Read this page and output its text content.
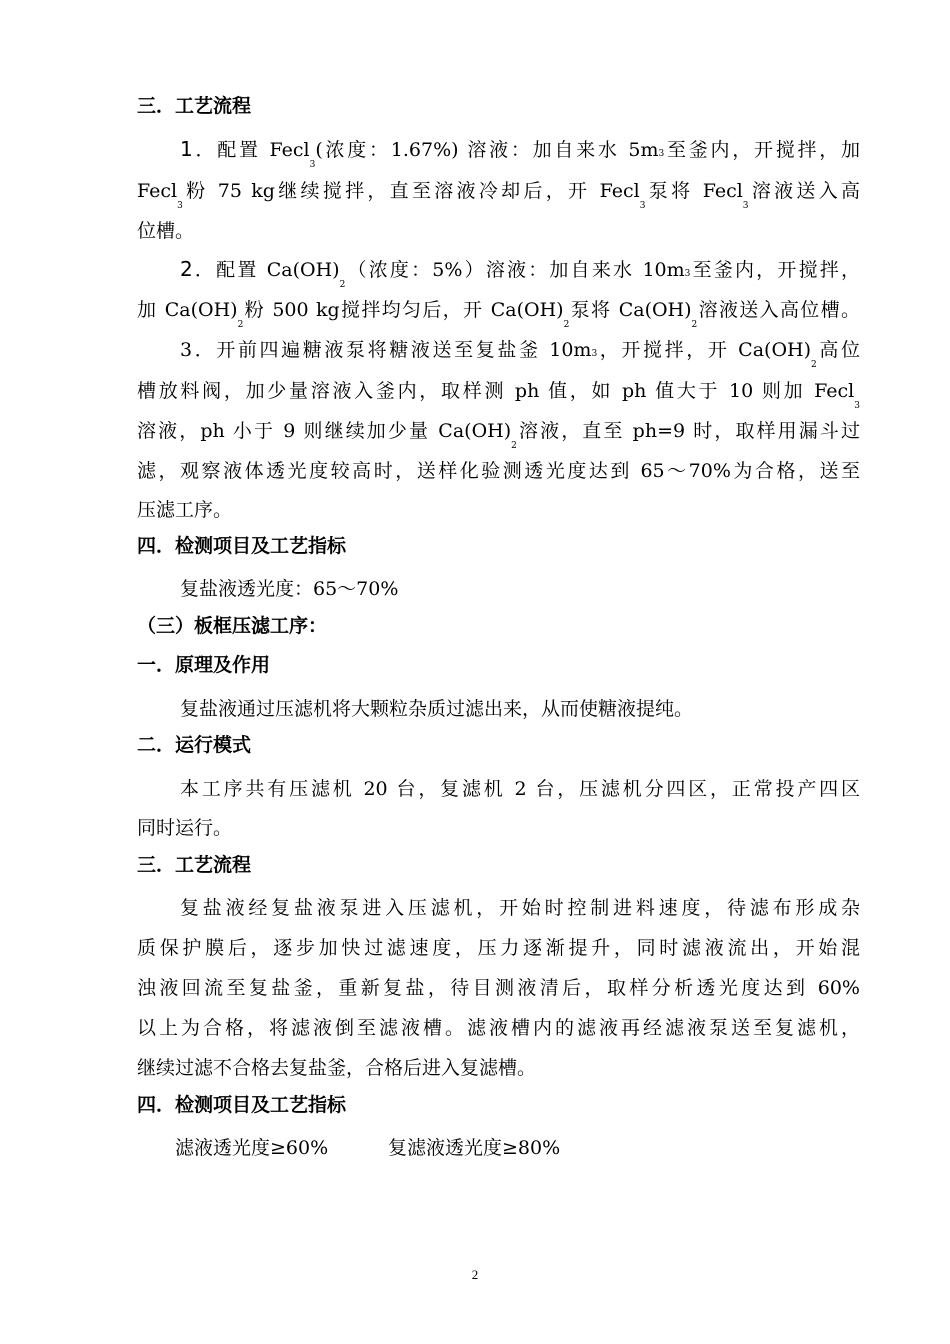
三．工艺流程
1．配置 Fecl$_3$(浓度：1.67%) 溶液：加自来水 5m3至釜内，开搅拌，加
Fecl$_3$粉 75 kg继续搅拌，直至溶液冷却后，开 Fecl$_3$泵将 Fecl$_3$溶液送入高
位槽。
2．配置 $Ca(OH)_2$（浓度：5%）溶液：加自来水 10m3至釜内，开搅拌，
加 $Ca(OH)_2$粉 500 kg搅拌均匀后，开 $Ca(OH)_2$泵将 $Ca(OH)_2$溶液送入高位槽。
3．开前四遍糖液泵将糖液送至复盐釜 10m3，开搅拌，开 $Ca(OH)_2$高位
槽放料阀，加少量溶液入釜内，取样测 ph 值，如 ph 值大于 10 则加 Fecl$_3$
溶液，ph 小于 9 则继续加少量 $Ca(OH)_2$溶液，直至 ph=9 时，取样用漏斗过
滤，观察液体透光度较高时，送样化验测透光度达到 65～70%为合格，送至
压滤工序。
四．检测项目及工艺指标
复盐液透光度：65～70%
（三）板框压滤工序：
一．原理及作用
复盐液通过压滤机将大颗粒杂质过滤出来，从而使糖液提纯。
二．运行模式
本工序共有压滤机 20 台，复滤机 2 台，压滤机分四区，正常投产四区
同时运行。
三．工艺流程
复盐液经复盐液泵进入压滤机，开始时控制进料速度，待滤布形成杂
质保护膜后，逐步加快过滤速度，压力逐渐提升，同时滤液流出，开始混
浊液回流至复盐釜，重新复盐，待目测液清后，取样分析透光度达到 60%
以上为合格，将滤液倒至滤液槽。滤液槽内的滤液再经滤液泵送至复滤机，
继续过滤不合格去复盐釜，合格后进入复滤槽。
四．检测项目及工艺指标
滤液透光度≥60%	复滤液透光度≥80%
2
